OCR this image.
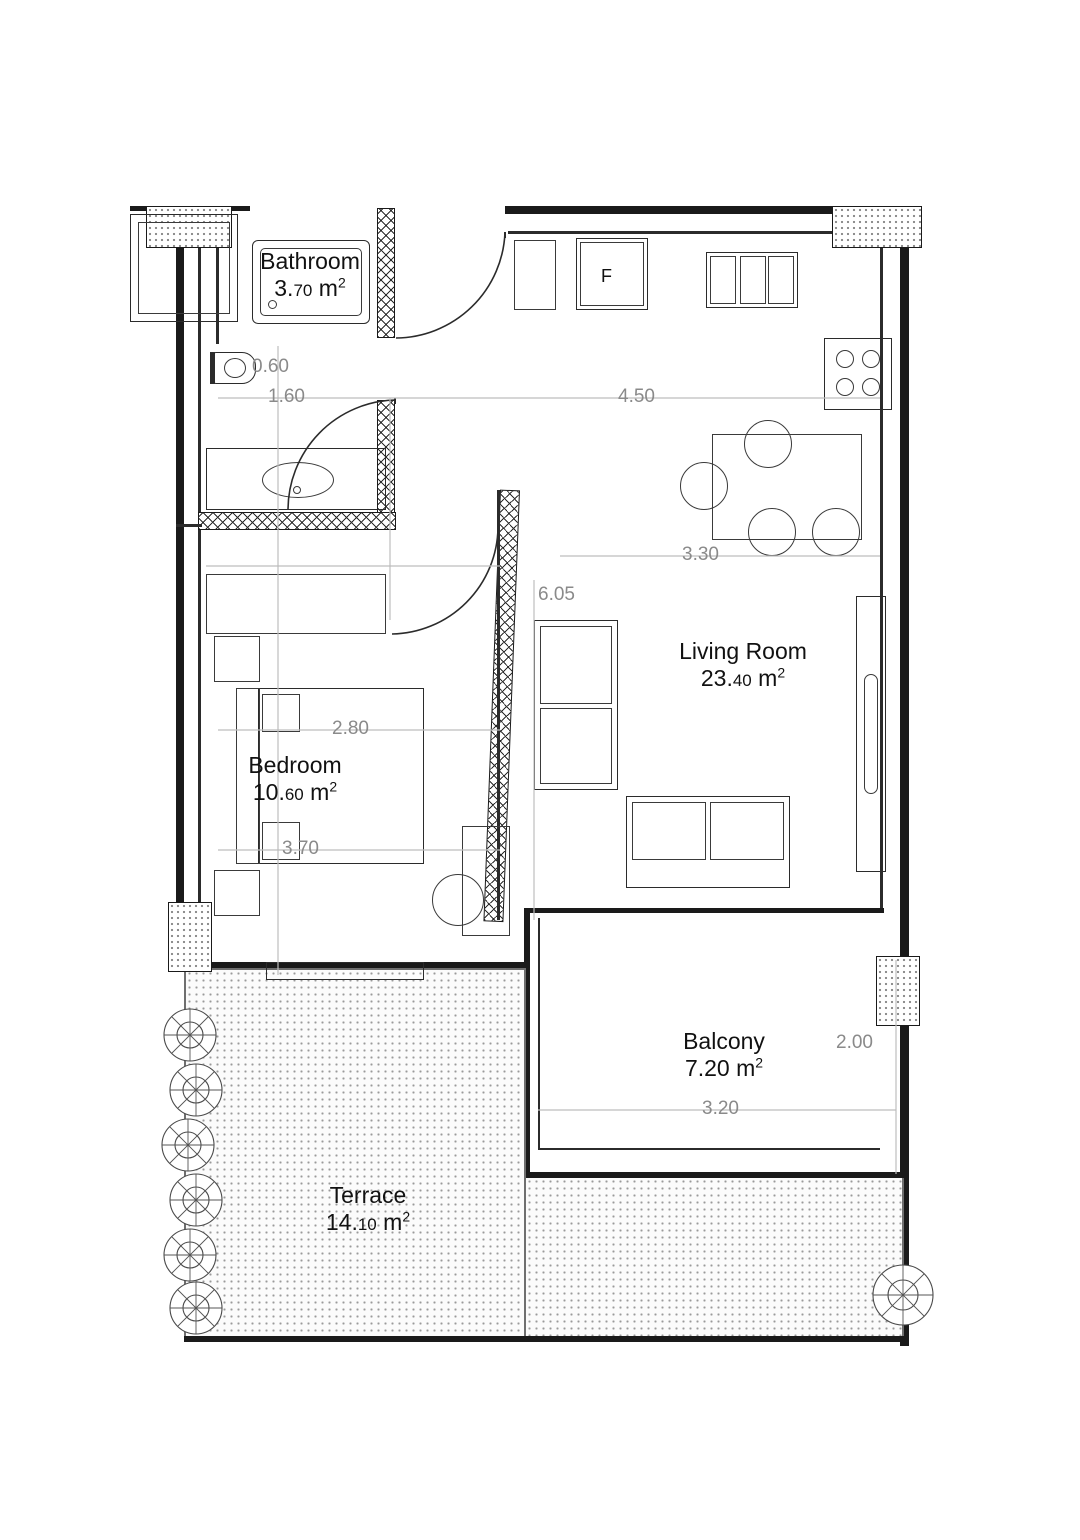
0.60
1.60	4.50
3.30
6.05
2.80
3.70
2.00
3.20
F
Bathroom
3.70 $m^2$
Bedroom
10.60 $m^2$
Living Room
23.40 $m^2$
Balcony
7.20 $m^2$
Terrace
14.10 $m^2$
